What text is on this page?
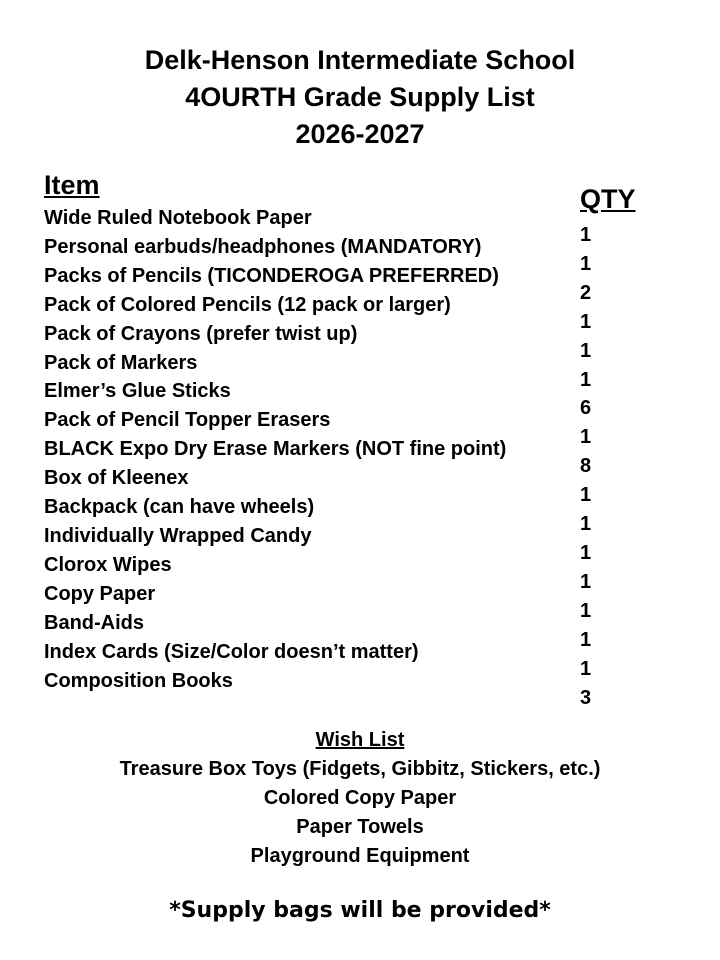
Delk-Henson Intermediate School
4OURTH Grade Supply List
2026-2027
Item
Wide Ruled Notebook Paper
Personal earbuds/headphones (MANDATORY)
Packs of Pencils (TICONDEROGA PREFERRED)
Pack of Colored Pencils (12 pack or larger)
Pack of Crayons (prefer twist up)
Pack of Markers
Elmer’s Glue Sticks
Pack of Pencil Topper Erasers
BLACK Expo Dry Erase Markers (NOT fine point)
Box of Kleenex
Backpack (can have wheels)
Individually Wrapped Candy
Clorox Wipes
Copy Paper
Band-Aids
Index Cards (Size/Color doesn’t matter)
Composition Books
QTY
1
1
2
1
1
1
6
1
8
1
1
1
1
1
1
1
3
Wish List
Treasure Box Toys (Fidgets, Gibbitz, Stickers, etc.)
Colored Copy Paper
Paper Towels
Playground Equipment
*Supply bags will be provided*
